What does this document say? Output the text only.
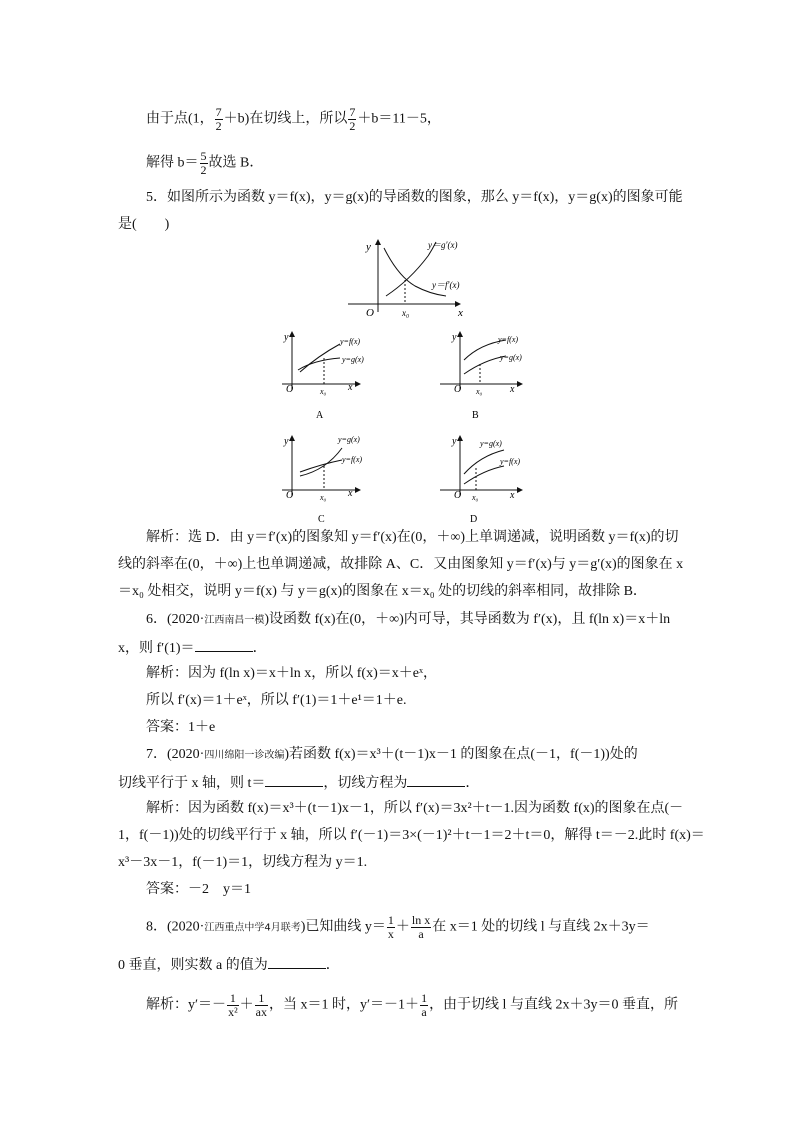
由于点(1， $\frac{7}{2} +b$)在切线上，所以 $\frac{7}{2} +b=11-5$，
解得 $b= \frac{5}{2}$ 故选 B．
5．如图所示为函数 y＝f(x)，y＝g(x)的导函数的图象，那么 y＝f(x)，y＝g(x)的图象可能
是(　　)
y
x
O	x₀
y＝g′(x)
y＝f′(x)
y
x
O	x₀
y=f(x)
y=g(x)
A
y
x
O x₀
y=f(x)
y=g(x)
B
y
x
O	x₀
y=g(x)
y=f(x)
C
y
x
O x₀
y=g(x)
y=f(x)
D
解析：选 D．由 y＝f′(x)的图象知 y＝f′(x)在(0，＋∞)上单调递减，说明函数 y＝f(x)的切
线的斜率在(0，＋∞)上也单调递减，故排除 A、C．又由图象知 y＝f′(x)与 y＝g′(x)的图象在 x
＝x₀ 处相交，说明 y＝f(x) 与 y＝g(x)的图象在 x＝x₀ 处的切线的斜率相同，故排除 B．
6．(2020·江西南昌一模)设函数 f(x)在(0，＋∞)内可导，其导函数为 f′(x)，且 f(ln x)＝x＋ln
x，则 f′(1)＝	．
解析：因为 f(ln x)＝x＋ln x，所以 f(x)＝x＋eˣ，
所以 f′(x)＝1＋eˣ，所以 f′(1)＝1＋e¹＝1＋e.
答案：1＋e
7．(2020·四川绵阳一诊改编)若函数 f(x)＝x³＋(t－1)x－1 的图象在点(－1，f(－1))处的
切线平行于 x 轴，则 t＝	，切线方程为	．
解析：因为函数 f(x)＝x³＋(t－1)x－1，所以 f′(x)＝3x²＋t－1.因为函数 f(x)的图象在点(－
1，f(－1))处的切线平行于 x 轴，所以 f′(－1)＝3×(－1)²＋t－1＝2＋t＝0，解得 t＝－2.此时 f(x)＝
x³－3x－1，f(－1)＝1，切线方程为 y＝1.
答案：－2　y＝1
8．(2020·江西重点中学4月联考)已知曲线 $y= \frac{1}{x} + \frac{\text{ln x}}{a}$ 在 x＝1 处的切线 l 与直线 2x＋3y＝
0 垂直，则实数 a 的值为	．
解析：$y'=- \frac{1}{\text{x²}} + \frac{1}{ax}$ ，当 x＝1 时，$y'=-1+ \frac{1}{a}$ ，由于切线 l 与直线 2x＋3y＝0 垂直，所
